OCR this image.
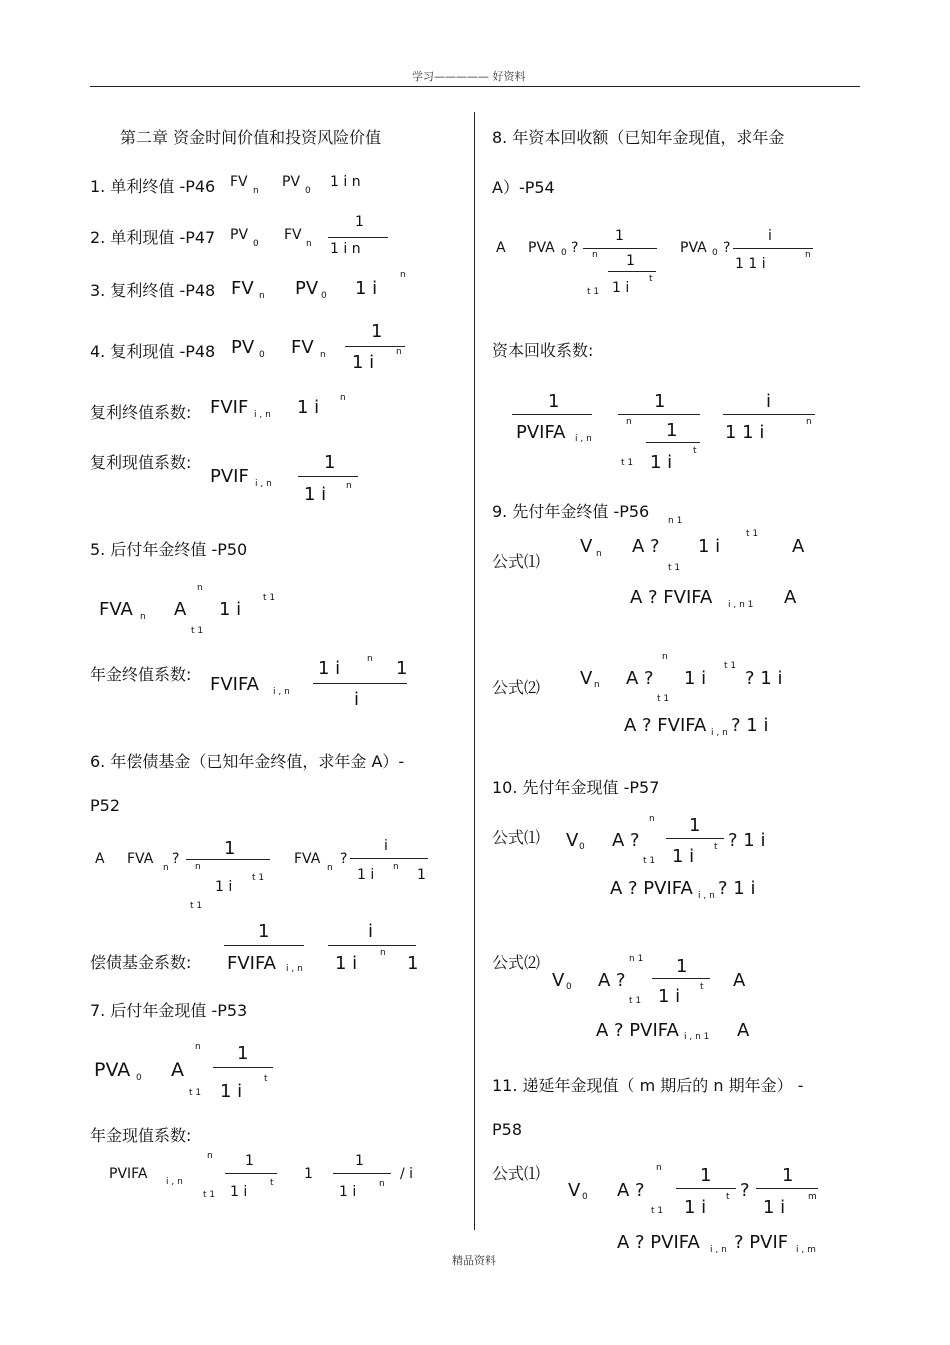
学习————— 好资料
第二章 资金时间价值和投资风险价值
1. 单利终值 -P46 FV
n
PV
0
1 i n
2. 单利现值 -P47 PV
0
FV
n
1
1 i n
3. 复利终值 -P48 FV n PV 0 1 i
n
4. 复利现值 -P48 PV 0 FV n
1
1 i n
复利终值系数: FVIF i , n 1 i n
复利现值系数:
PVIF i , n
1
1 i n
5. 后付年金终值 -P50
FVA n A
n
t 1
1 i
t 1
年金终值系数: FVIFA i , n
1 i	n 1
i
6. 年偿债基金（已知年金终值，求年金 A）-
P52
A FVA
n
? 1
n
t 1
1 i
t 1
FVA
n
?
i
1 i n 1
偿债基金系数:
1
FVIFA i , n
i
1 i	n 1
7. 后付年金现值 -P53
PVA 0 A
n
t 1
1
1 i
t
年金现值系数:
PVIFA i , n
n
t 1
1
1 i
t
1
1
1 i	n
/ i
8. 年资本回收额（已知年金现值，求年金
A）-P54
A PVA 0 ?
1
n
t 1
1
1 i
t
PVA 0 ?
i
1 1 i
n
资本回收系数:
1
PVIFA i , n
1
n
t 1
1
1 i
t
i
1 1 i	n
9. 先付年金终值 -P56 n 1
公式⑴
V n A ?
t 1
1 i
t 1
A
A ? FVIFA i , n 1 A
公式⑵ V n A ?
n
t 1
1 i
t 1
? 1 i
A ? FVIFA i , n ? 1 i
10. 先付年金现值 -P57
公式⑴ V 0 A ?
n
t 1
1
1 i t ? 1 i
A ? PVIFA i , n ? 1 i
公式⑵
V 0 A ?
n 1
t 1
1
1 i t A
A ? PVIFA i , n 1 A
11. 递延年金现值（ m 期后的 n 期年金） -
P58
公式⑴
V 0 A ?
n
t 1
1
1 i t ?
1
1 i	m
A ? PVIFA i , n ? PVIF i , m
精品资料
